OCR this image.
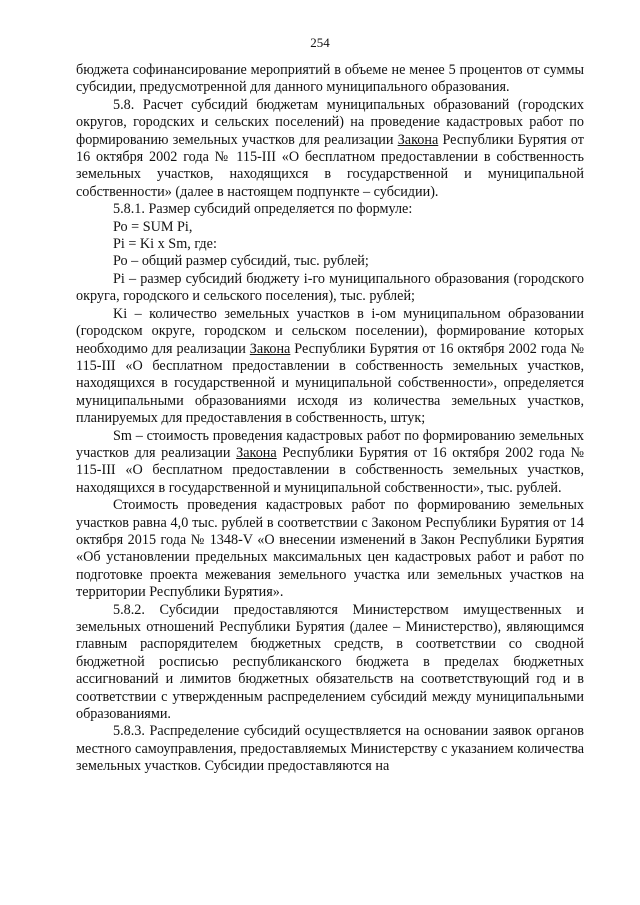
254

бюджета софинансирование мероприятий в объеме не менее 5 процентов от суммы субсидии, предусмотренной для данного муниципального образования.

5.8. Расчет субсидий бюджетам муниципальных образований (городских округов, городских и сельских поселений) на проведение кадастровых работ по формированию земельных участков для реализации Закона Республики Бурятия от 16 октября 2002 года № 115-III «О бесплатном предоставлении в собственность земельных участков, находящихся в государственной и муниципальной собственности» (далее в настоящем подпункте – субсидии).

5.8.1. Размер субсидий определяется по формуле:

Ро = SUM Pi,

Pi = Ki x Sm, где:

Ро – общий размер субсидий, тыс. рублей;

Pi – размер субсидий бюджету i-го муниципального образования (городского округа, городского и сельского поселения), тыс. рублей;

Ki – количество земельных участков в i-ом муниципальном образовании (городском округе, городском и сельском поселении), формирование которых необходимо для реализации Закона Республики Бурятия от 16 октября 2002 года № 115-III «О бесплатном предоставлении в собственность земельных участков, находящихся в государственной и муниципальной собственности», определяется муниципальными образованиями исходя из количества земельных участков, планируемых для предоставления в собственность, штук;

Sm – стоимость проведения кадастровых работ по формированию земельных участков для реализации Закона Республики Бурятия от 16 октября 2002 года № 115-III «О бесплатном предоставлении в собственность земельных участков, находящихся в государственной и муниципальной собственности», тыс. рублей.

Стоимость проведения кадастровых работ по формированию земельных участков равна 4,0 тыс. рублей в соответствии с Законом Республики Бурятия от 14 октября 2015 года № 1348-V «О внесении изменений в Закон Республики Бурятия «Об установлении предельных максимальных цен кадастровых работ и работ по подготовке проекта межевания земельного участка или земельных участков на территории Республики Бурятия».

5.8.2. Субсидии предоставляются Министерством имущественных и земельных отношений Республики Бурятия (далее – Министерство), являющимся главным распорядителем бюджетных средств, в соответствии со сводной бюджетной росписью республиканского бюджета в пределах бюджетных ассигнований и лимитов бюджетных обязательств на соответствующий год и в соответствии с утвержденным распределением субсидий между муниципальными образованиями.

5.8.3. Распределение субсидий осуществляется на основании заявок органов местного самоуправления, предоставляемых Министерству с указанием количества земельных участков. Субсидии предоставляются на
